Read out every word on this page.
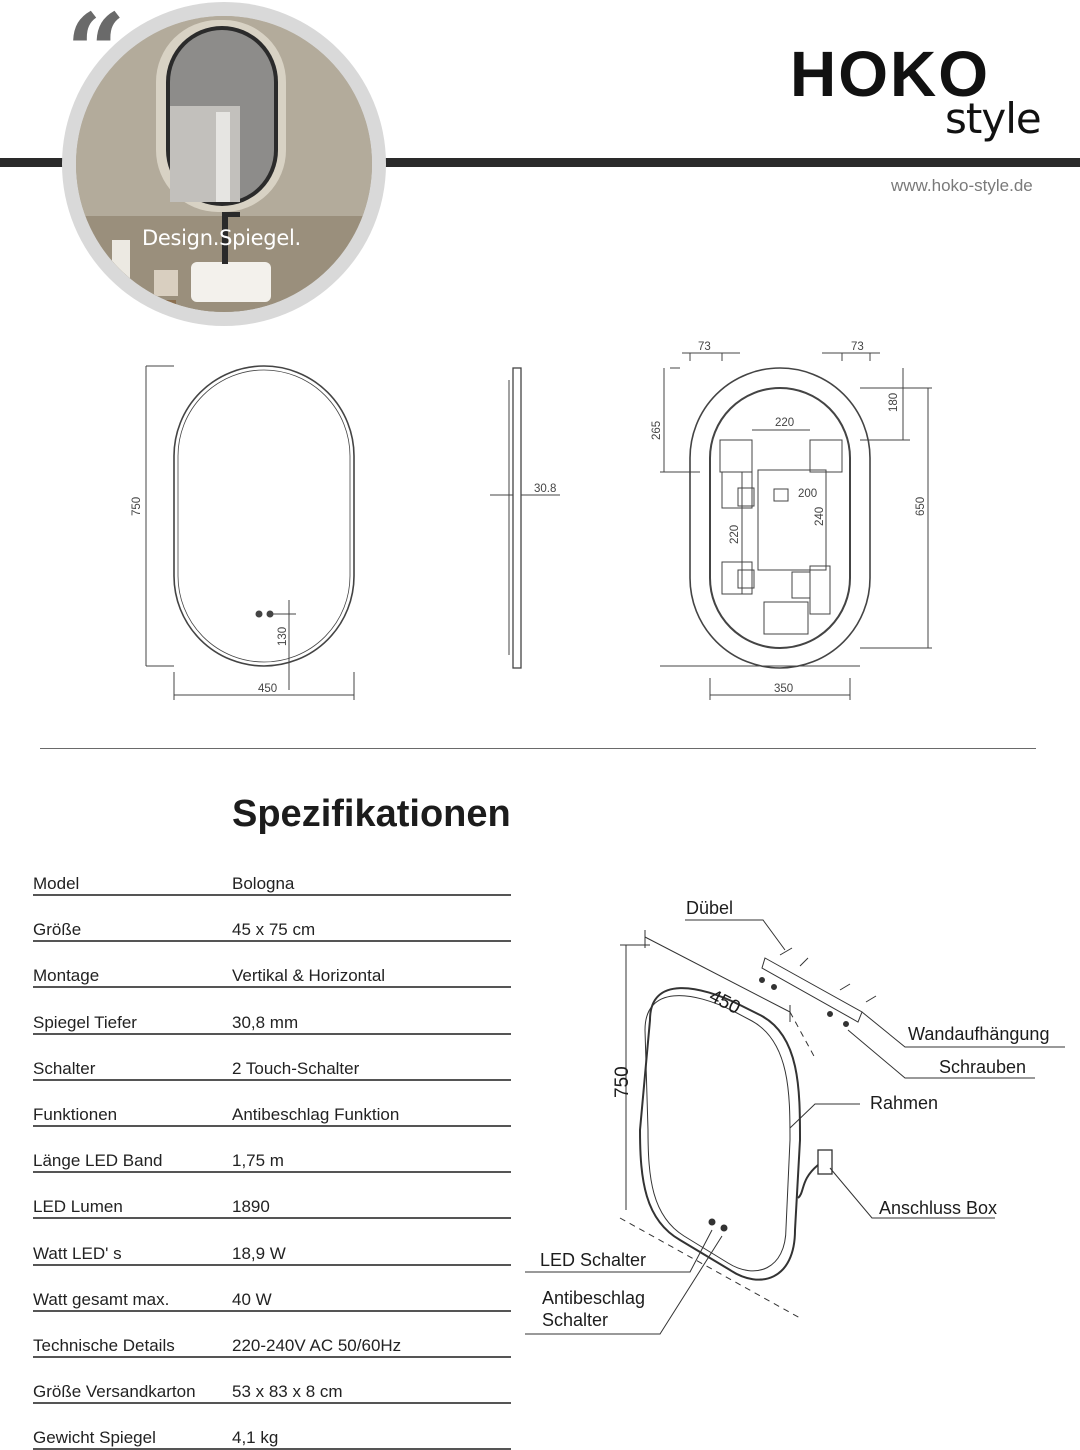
“
Design.Spiegel.
HOKO
style
www.hoko-style.de
750
450
130
30.8
73	73
265
180
650
350
220
200
220
240
Spezifikationen
Model	Bologna
Größe	45 x 75 cm
Montage	Vertikal & Horizontal
Spiegel Tiefer	30,8 mm
Schalter	2 Touch-Schalter
Funktionen	Antibeschlag Funktion
Länge LED Band	1,75 m
LED Lumen	1890
Watt LED' s	18,9 W
Watt gesamt max.	40 W
Technische Details	220-240V AC 50/60Hz
Größe Versandkarton 53 x 83 x 8 cm
Gewicht Spiegel	4,1 kg
450
750
Dübel
Wandaufhängung
Schrauben
Rahmen
Anschluss Box
LED Schalter
Antibeschlag
Schalter
